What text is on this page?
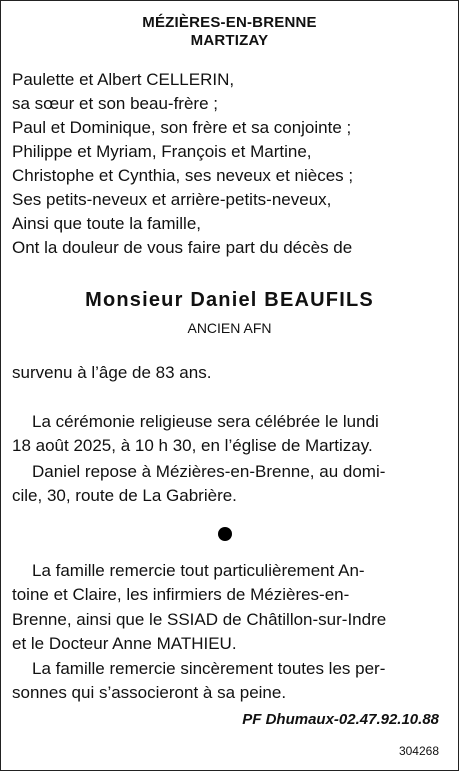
MÉZIÈRES-EN-BRENNE

MARTIZAY

Paulette et Albert CELLERIN,

sa sœur et son beau-frère ;

Paul et Dominique, son frère et sa conjointe ;

Philippe et Myriam, François et Martine,

Christophe et Cynthia, ses neveux et nièces ;

Ses petits-neveux et arrière-petits-neveux,

Ainsi que toute la famille,

Ont la douleur de vous faire part du décès de

Monsieur Daniel BEAUFILS

ANCIEN AFN

survenu à l’âge de 83 ans.

La cérémonie religieuse sera célébrée le lundi

18 août 2025, à 10 h 30, en l’église de Martizay.

Daniel repose à Mézières-en-Brenne, au domi-

cile, 30, route de La Gabrière.

La famille remercie tout particulièrement An-

toine et Claire, les infirmiers de Mézières-en-

Brenne, ainsi que le SSIAD de Châtillon-sur-Indre

et le Docteur Anne MATHIEU.

La famille remercie sincèrement toutes les per-

sonnes qui s’associeront à sa peine.

PF Dhumaux-02.47.92.10.88

304268
